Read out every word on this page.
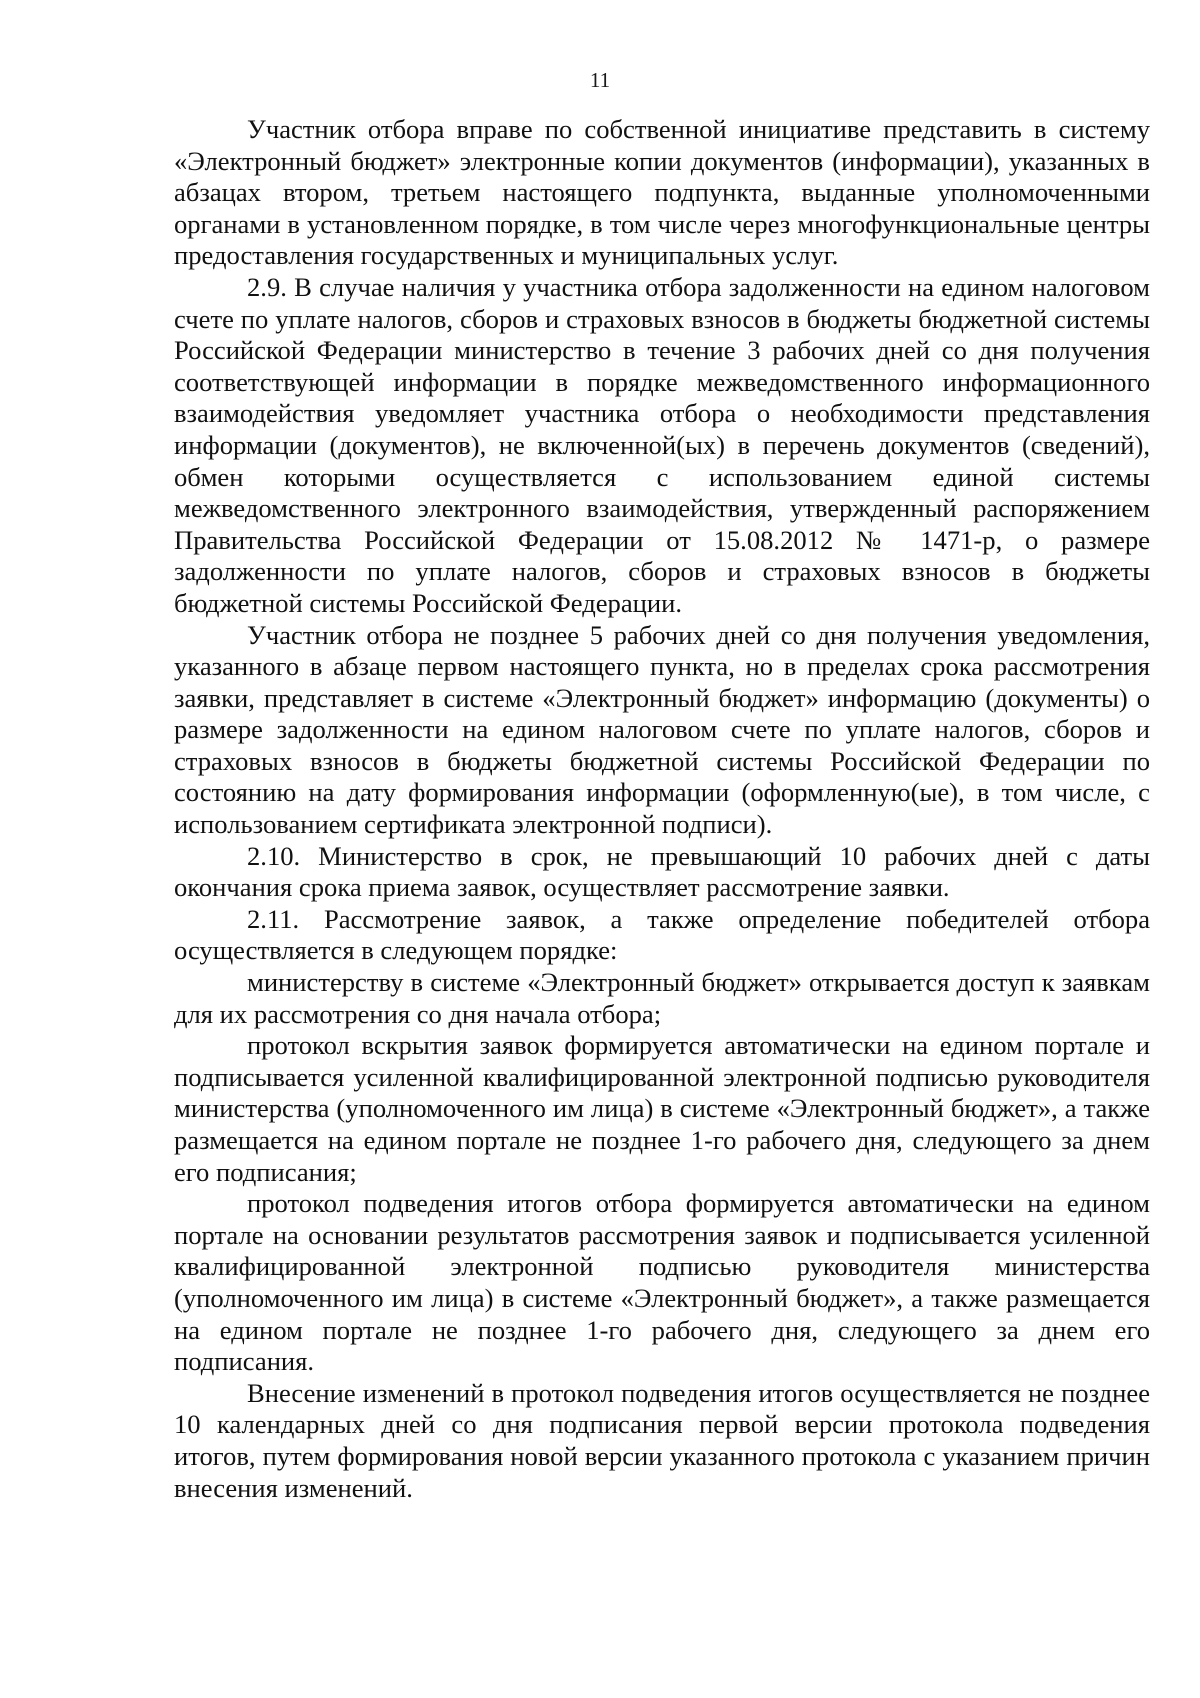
11

Участник отбора вправе по собственной инициативе представить в систему «Электронный бюджет» электронные копии документов (информации), указанных в абзацах втором, третьем настоящего подпункта, выданные уполномоченными органами в установленном порядке, в том числе через многофункциональные центры предоставления государственных и муниципальных услуг.

2.9. В случае наличия у участника отбора задолженности на едином налоговом счете по уплате налогов, сборов и страховых взносов в бюджеты бюджетной системы Российской Федерации министерство в течение 3 рабочих дней со дня получения соответствующей информации в порядке межведомственного информационного взаимодействия уведомляет участника отбора о необходимости представления информации (документов), не включенной(ых) в перечень документов (сведений), обмен которыми осуществляется с использованием единой системы межведомственного электронного взаимодействия, утвержденный распоряжением Правительства Российской Федерации от 15.08.2012 № 1471-р, о размере задолженности по уплате налогов, сборов и страховых взносов в бюджеты бюджетной системы Российской Федерации.

Участник отбора не позднее 5 рабочих дней со дня получения уведомления, указанного в абзаце первом настоящего пункта, но в пределах срока рассмотрения заявки, представляет в системе «Электронный бюджет» информацию (документы) о размере задолженности на едином налоговом счете по уплате налогов, сборов и страховых взносов в бюджеты бюджетной системы Российской Федерации по состоянию на дату формирования информации (оформленную(ые), в том числе, с использованием сертификата электронной подписи).

2.10. Министерство в срок, не превышающий 10 рабочих дней с даты окончания срока приема заявок, осуществляет рассмотрение заявки.

2.11. Рассмотрение заявок, а также определение победителей отбора осуществляется в следующем порядке:

министерству в системе «Электронный бюджет» открывается доступ к заявкам для их рассмотрения со дня начала отбора;

протокол вскрытия заявок формируется автоматически на едином портале и подписывается усиленной квалифицированной электронной подписью руководителя министерства (уполномоченного им лица) в системе «Электронный бюджет», а также размещается на едином портале не позднее 1-го рабочего дня, следующего за днем его подписания;

протокол подведения итогов отбора формируется автоматически на едином портале на основании результатов рассмотрения заявок и подписывается усиленной квалифицированной электронной подписью руководителя министерства (уполномоченного им лица) в системе «Электронный бюджет», а также размещается на едином портале не позднее 1-го рабочего дня, следующего за днем его подписания.

Внесение изменений в протокол подведения итогов осуществляется не позднее 10 календарных дней со дня подписания первой версии протокола подведения итогов, путем формирования новой версии указанного протокола с указанием причин внесения изменений.
